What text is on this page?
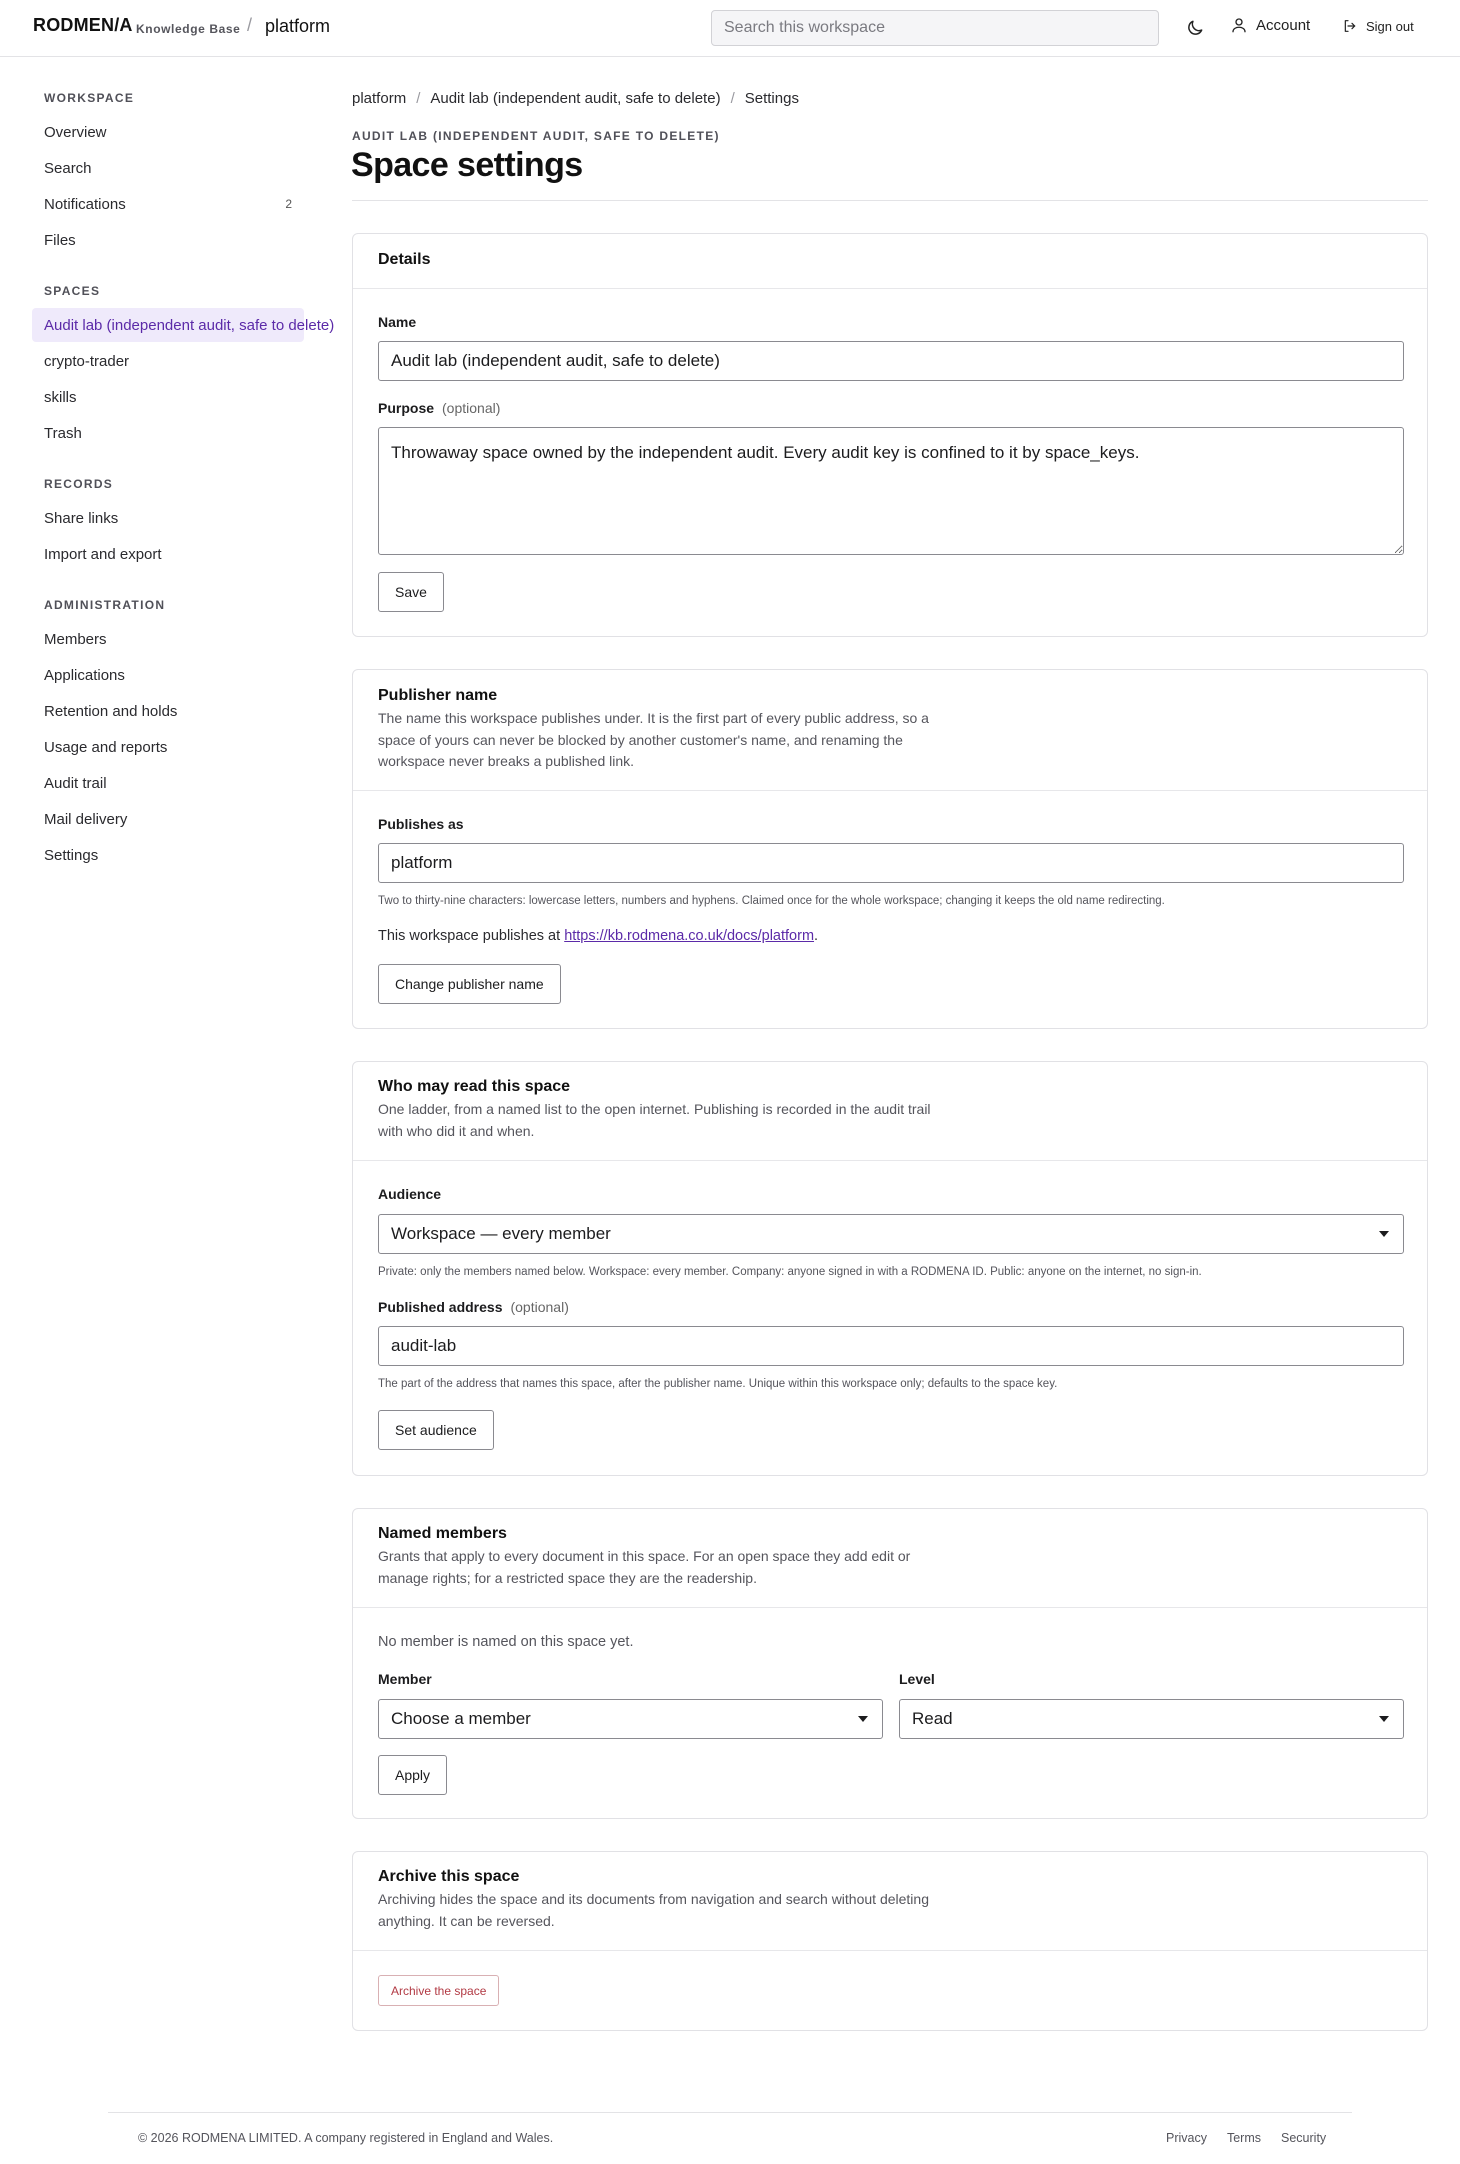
RODMEN/A Knowledge Base / platform
Search this workspace	Account	Sign out
WORKSPACE
Overview
Search
Notifications	2
Files
SPACES
Audit lab (independent audit, safe to delete)
crypto-trader
skills
Trash
RECORDS
Share links
Import and export
ADMINISTRATION
Members
Applications
Retention and holds
Usage and reports
Audit trail
Mail delivery
Settings
platform / Audit lab (independent audit, safe to delete) / Settings
AUDIT LAB (INDEPENDENT AUDIT, SAFE TO DELETE)
Space settings
Details
Name
Audit lab (independent audit, safe to delete)
Purpose (optional)
Throwaway space owned by the independent audit. Every audit key is confined to it by space_keys.
Save
Publisher name
The name this workspace publishes under. It is the first part of every public address, so a space of yours can never be blocked by another customer's name, and renaming the workspace never breaks a published link.
Publishes as
platform
Two to thirty-nine characters: lowercase letters, numbers and hyphens. Claimed once for the whole workspace; changing it keeps the old name redirecting.
This workspace publishes at https://kb.rodmena.co.uk/docs/platform.
Change publisher name
Who may read this space
One ladder, from a named list to the open internet. Publishing is recorded in the audit trail with who did it and when.
Audience
Workspace — every member
Private: only the members named below. Workspace: every member. Company: anyone signed in with a RODMENA ID. Public: anyone on the internet, no sign-in.
Published address (optional)
audit-lab
The part of the address that names this space, after the publisher name. Unique within this workspace only; defaults to the space key.
Set audience
Named members
Grants that apply to every document in this space. For an open space they add edit or manage rights; for a restricted space they are the readership.
No member is named on this space yet.
Member
Choose a member
Level
Read
Apply
Archive this space
Archiving hides the space and its documents from navigation and search without deleting anything. It can be reversed.
Archive the space
© 2026 RODMENA LIMITED. A company registered in England and Wales.	Privacy Terms Security
